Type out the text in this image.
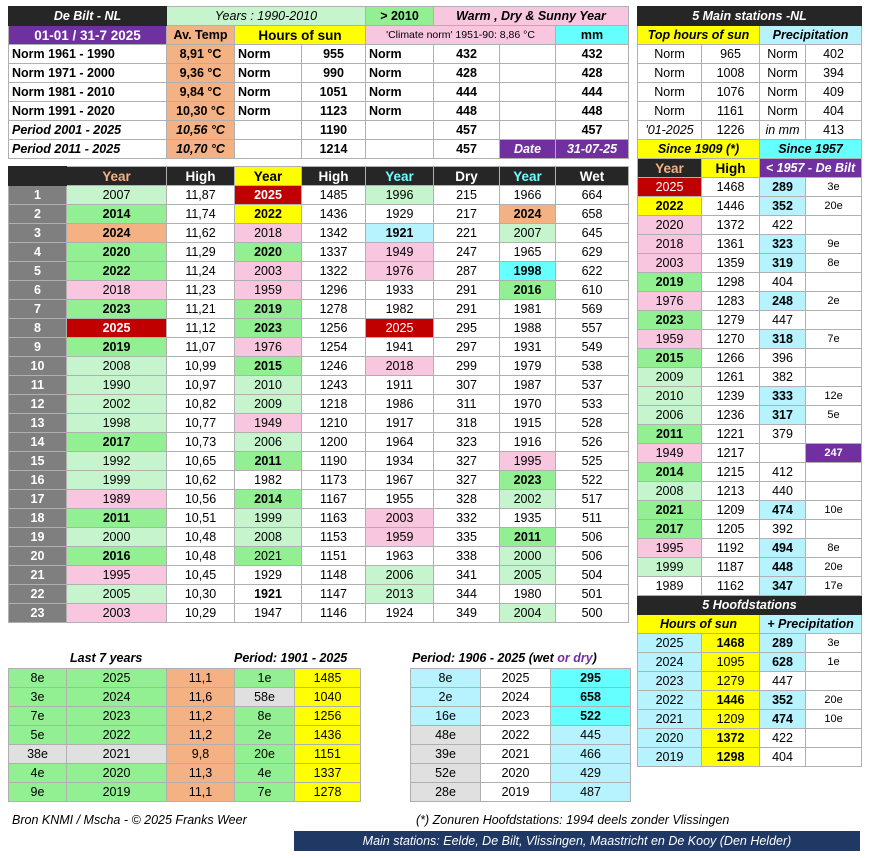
De Bilt - NL	Years : 1990-2010			> 2010	Warm , Dry & Sunny Year		
01-01 / 31-7 2025	Av. Temp	Hours of sun		'Climate norm' 1951-90: 8,86 °C			mm
Norm 1961 - 1990	8,91 °C	Norm	955	Norm	432		432
Norm 1971 - 2000	9,36 °C	Norm	990	Norm	428		428
Norm 1981 - 2010	9,84 °C	Norm	1051	Norm	444		444
Norm 1991 - 2020	10,30 °C	Norm	1123	Norm	448		448
Period 2001 - 2025	10,56 °C		1190		457		457
Period 2011 - 2025	10,70 °C		1214		457	Date	31-07-25
	Year	High	Year	High	Year	Dry	Year	Wet
1	2007	11,87	2025	1485	1996	215	1966	664
2	2014	11,74	2022	1436	1929	217	2024	658
3	2024	11,62	2018	1342	1921	221	2007	645
4	2020	11,29	2020	1337	1949	247	1965	629
5	2022	11,24	2003	1322	1976	287	1998	622
6	2018	11,23	1959	1296	1933	291	2016	610
7	2023	11,21	2019	1278	1982	291	1981	569
8	2025	11,12	2023	1256	2025	295	1988	557
9	2019	11,07	1976	1254	1941	297	1931	549
10	2008	10,99	2015	1246	2018	299	1979	538
11	1990	10,97	2010	1243	1911	307	1987	537
12	2002	10,82	2009	1218	1986	311	1970	533
13	1998	10,77	1949	1210	1917	318	1915	528
14	2017	10,73	2006	1200	1964	323	1916	526
15	1992	10,65	2011	1190	1934	327	1995	525
16	1999	10,62	1982	1173	1967	327	2023	522
17	1989	10,56	2014	1167	1955	328	2002	517
18	2011	10,51	1999	1163	2003	332	1935	511
19	2000	10,48	2008	1153	1959	335	2011	506
20	2016	10,48	2021	1151	1963	338	2000	506
21	1995	10,45	1929	1148	2006	341	2005	504
22	2005	10,30	1921	1147	2013	344	1980	501
23	2003	10,29	1947	1146	1924	349	2004	500
Last 7 years	Period: 1901 - 2025
8e	2025	11,1	1e	1485
3e	2024	11,6	58e	1040
7e	2023	11,2	8e	1256
5e	2022	11,2	2e	1436
38e	2021	9,8	20e	1151
4e	2020	11,3	4e	1337
9e	2019	11,1	7e	1278
Period: 1906 - 2025 (wet or dry)
8e	2025	295
2e	2024	658
16e	2023	522
48e	2022	445
39e	2021	466
52e	2020	429
28e	2019	487
5 Main stations -NL			
Top hours of sun		Precipitation	
Norm	965	Norm	402
Norm	1008	Norm	394
Norm	1076	Norm	409
Norm	1161	Norm	404
'01-2025	1226	in mm	413
Since 1909 (*)		Since 1957	
Year	High	< 1957 - De Bilt	
2025	1468	289	3e
2022	1446	352	20e
2020	1372	422	
2018	1361	323	9e
2003	1359	319	8e
2019	1298	404	
1976	1283	248	2e
2023	1279	447	
1959	1270	318	7e
2015	1266	396	
2009	1261	382	
2010	1239	333	12e
2006	1236	317	5e
2011	1221	379	
1949	1217		247
2014	1215	412	
2008	1213	440	
2021	1209	474	10e
2017	1205	392	
1995	1192	494	8e
1999	1187	448	20e
1989	1162	347	17e
5 Hoofdstations			
Hours of sun		+ Precipitation	
2025	1468	289	3e
2024	1095	628	1e
2023	1279	447	
2022	1446	352	20e
2021	1209	474	10e
2020	1372	422	
2019	1298	404	
Bron KNMI / Mscha - © 2025 Franks Weer	(*) Zonuren Hoofdstations: 1994 deels zonder Vlissingen
Main stations: Eelde, De Bilt, Vlissingen, Maastricht en De Kooy (Den Helder)
